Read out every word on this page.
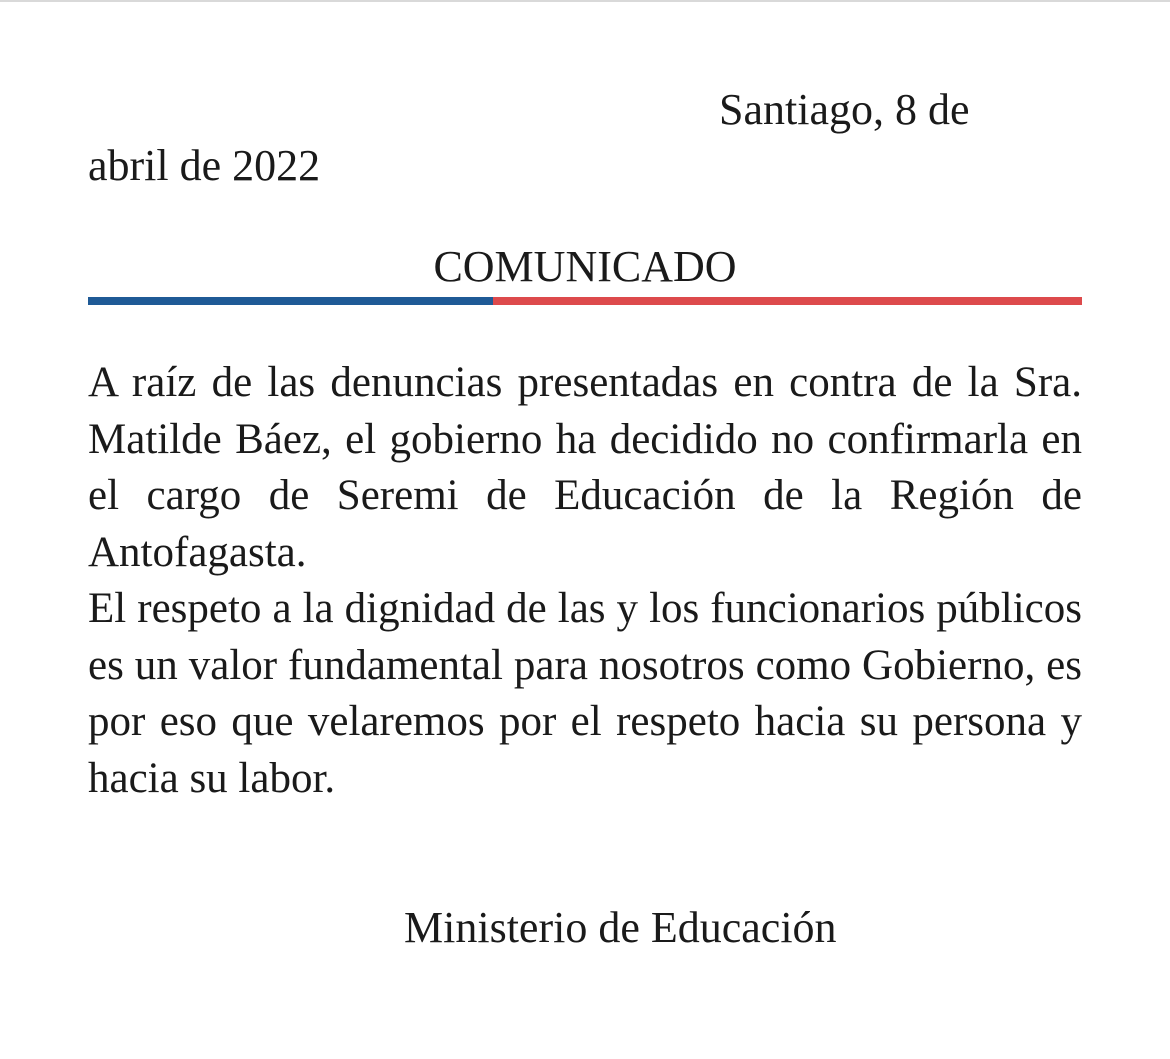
Santiago, 8 de
abril de 2022
COMUNICADO

A raíz de las denuncias presentadas en contra de la Sra. Matilde Báez, el gobierno ha decidido no confirmarla en el cargo de Seremi de Educación de la Región de Antofagasta.

El respeto a la dignidad de las y los funcionarios públicos es un valor fundamental para nosotros como Gobierno, es por eso que velaremos por el respeto hacia su persona y hacia su labor.

Ministerio de Educación
